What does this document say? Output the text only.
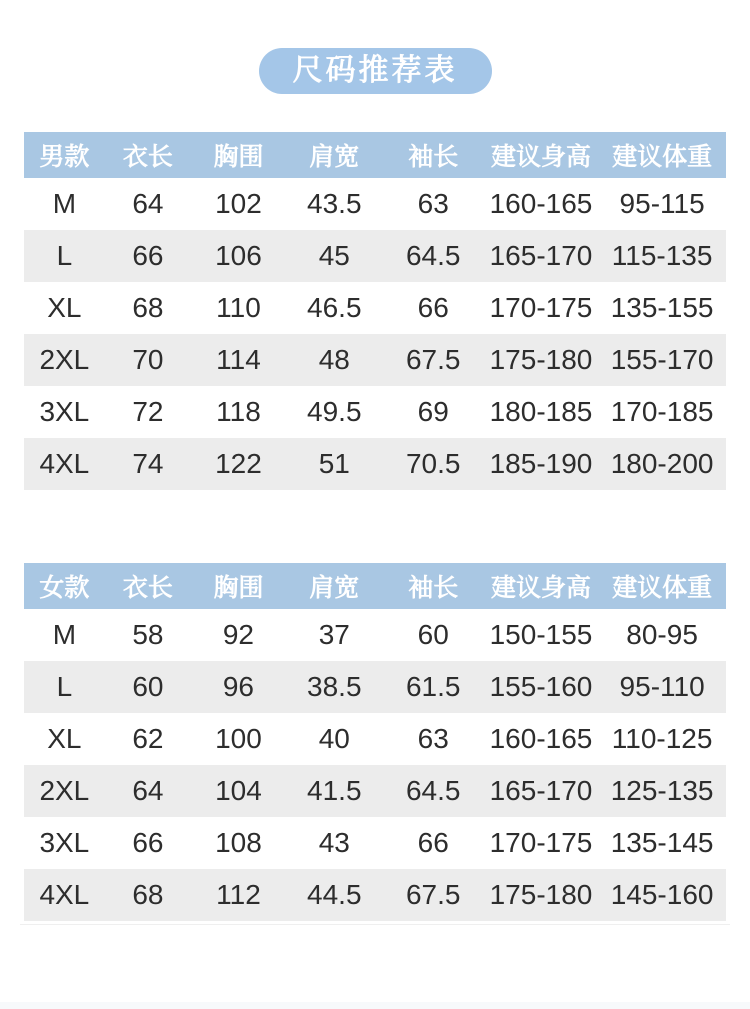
尺码推荐表
男款	衣长	胸围	肩宽	袖长	建议身高	建议体重
M	64	102	43.5	63	160-165	95-115
L	66	106	45	64.5	165-170	115-135
XL	68	110	46.5	66	170-175	135-155
2XL	70	114	48	67.5	175-180	155-170
3XL	72	118	49.5	69	180-185	170-185
4XL	74	122	51	70.5	185-190	180-200
女款	衣长	胸围	肩宽	袖长	建议身高	建议体重
M	58	92	37	60	150-155	80-95
L	60	96	38.5	61.5	155-160	95-110
XL	62	100	40	63	160-165	110-125
2XL	64	104	41.5	64.5	165-170	125-135
3XL	66	108	43	66	170-175	135-145
4XL	68	112	44.5	67.5	175-180	145-160
